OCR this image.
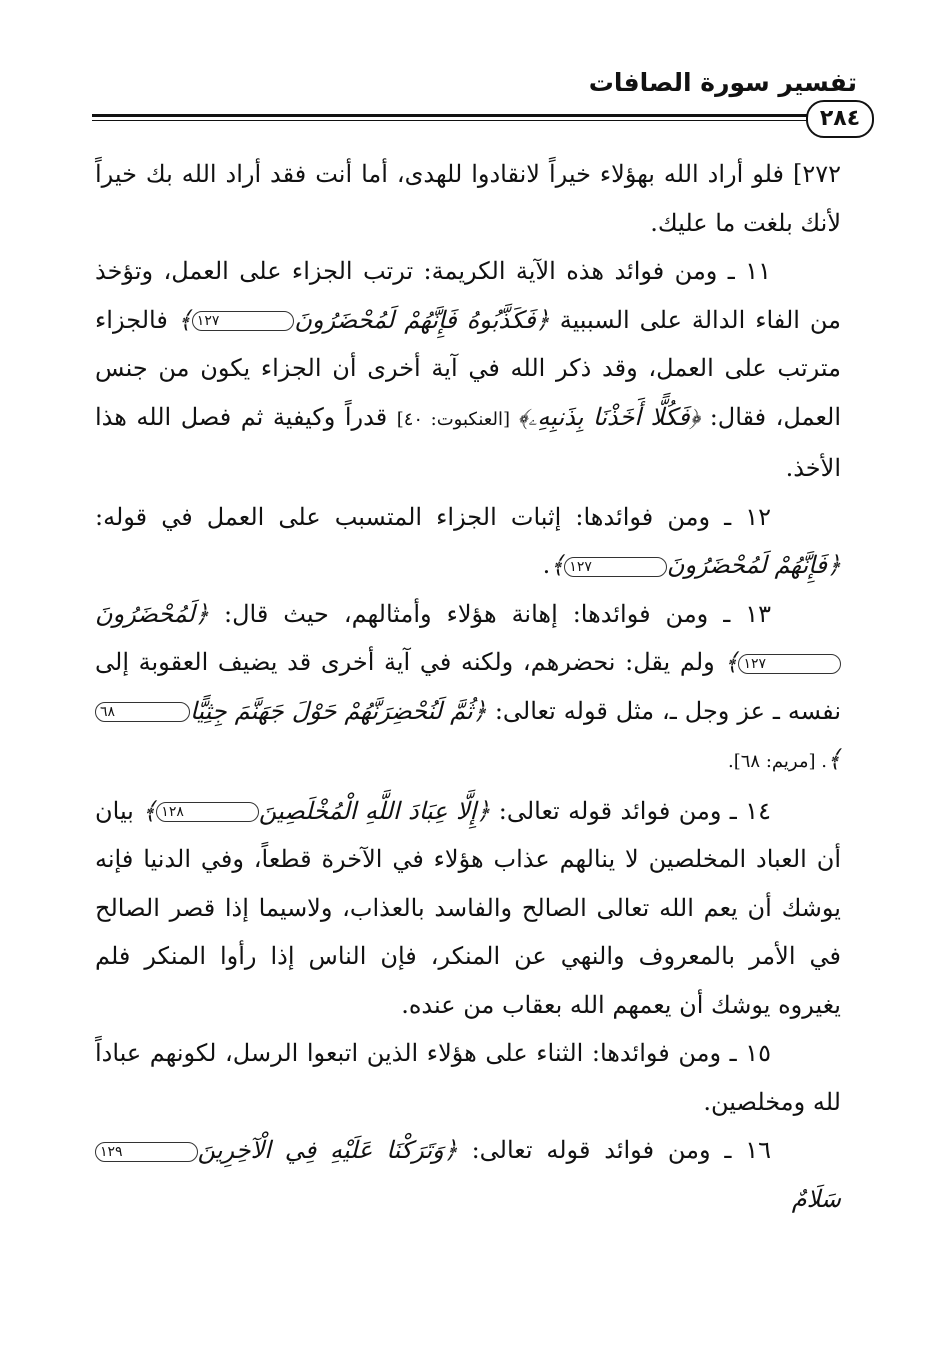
تفسير سورة الصافات
٢٨٤

٢٧٢] فلو أراد الله بهؤلاء خيراً لانقادوا للهدى، أما أنت فقد أراد الله بك خيراً لأنك بلغت ما عليك.

١١ ـ ومن فوائد هذه الآية الكريمة: ترتب الجزاء على العمل، وتؤخذ من الفاء الدالة على السببية ﴿فَكَذَّبُوهُ فَإِنَّهُمْ لَمُحْضَرُونَ١٢٧﴾ فالجزاء مترتب على العمل، وقد ذكر الله في آية أخرى أن الجزاء يكون من جنس العمل، فقال: ﴿فَكُلًّا أَخَذْنَا بِذَنبِهِۦ﴾ [العنكبوت: ٤٠] قدراً وكيفية ثم فصل الله هذا الأخذ.

١٢ ـ ومن فوائدها: إثبات الجزاء المتسبب على العمل في قوله: ﴿فَإِنَّهُمْ لَمُحْضَرُونَ١٢٧﴾.

١٣ ـ ومن فوائدها: إهانة هؤلاء وأمثالهم، حيث قال: ﴿لَمُحْضَرُونَ١٢٧﴾ ولم يقل: نحضرهم، ولكنه في آية أخرى قد يضيف العقوبة إلى نفسه ـ عز وجل ـ، مثل قوله تعالى: ﴿ثُمَّ لَنُحْضِرَنَّهُمْ حَوْلَ جَهَنَّمَ جِثِيًّا٦٨﴾. [مريم: ٦٨].

١٤ ـ ومن فوائد قوله تعالى: ﴿إِلَّا عِبَادَ اللَّهِ الْمُخْلَصِينَ١٢٨﴾ بيان أن العباد المخلصين لا ينالهم عذاب هؤلاء في الآخرة قطعاً، وفي الدنيا فإنه يوشك أن يعم الله تعالى الصالح والفاسد بالعذاب، ولاسيما إذا قصر الصالح في الأمر بالمعروف والنهي عن المنكر، فإن الناس إذا رأوا المنكر فلم يغيروه يوشك أن يعمهم الله بعقاب من عنده.

١٥ ـ ومن فوائدها: الثناء على هؤلاء الذين اتبعوا الرسل، لكونهم عباداً لله ومخلصين.

١٦ ـ ومن فوائد قوله تعالى: ﴿وَتَرَكْنَا عَلَيْهِ فِي الْآخِرِينَ١٢٩ سَلَامٌ
